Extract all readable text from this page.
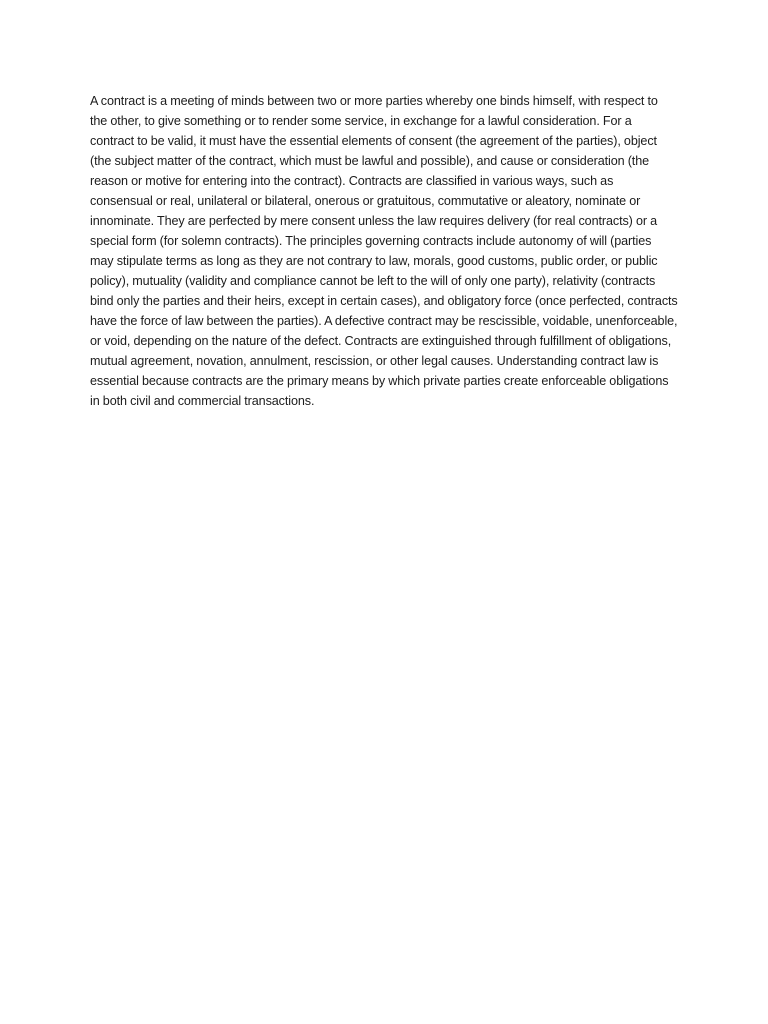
A contract is a meeting of minds between two or more parties whereby one binds himself, with respect to the other, to give something or to render some service, in exchange for a lawful consideration. For a contract to be valid, it must have the essential elements of consent (the agreement of the parties), object (the subject matter of the contract, which must be lawful and possible), and cause or consideration (the reason or motive for entering into the contract). Contracts are classified in various ways, such as consensual or real, unilateral or bilateral, onerous or gratuitous, commutative or aleatory, nominate or innominate. They are perfected by mere consent unless the law requires delivery (for real contracts) or a special form (for solemn contracts). The principles governing contracts include autonomy of will (parties may stipulate terms as long as they are not contrary to law, morals, good customs, public order, or public policy), mutuality (validity and compliance cannot be left to the will of only one party), relativity (contracts bind only the parties and their heirs, except in certain cases), and obligatory force (once perfected, contracts have the force of law between the parties). A defective contract may be rescissible, voidable, unenforceable, or void, depending on the nature of the defect. Contracts are extinguished through fulfillment of obligations, mutual agreement, novation, annulment, rescission, or other legal causes. Understanding contract law is essential because contracts are the primary means by which private parties create enforceable obligations in both civil and commercial transactions.
